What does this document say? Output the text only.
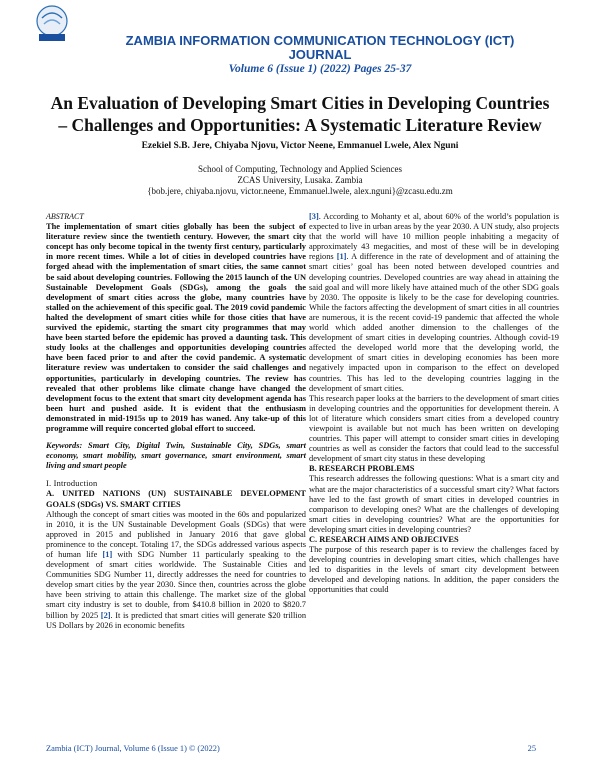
ZAMBIA INFORMATION COMMUNICATION TECHNOLOGY (ICT)
JOURNAL
Volume 6 (Issue 1) (2022) Pages 25-37
An Evaluation of Developing Smart Cities in Developing Countries
– Challenges and Opportunities: A Systematic Literature Review
Ezekiel S.B. Jere, Chiyaba Njovu, Victor Neene, Emmanuel Lwele, Alex Nguni
School of Computing, Technology and Applied Sciences
ZCAS University, Lusaka. Zambia
{bob.jere, chiyaba.njovu, victor.neene, Emmanuel.lwele, alex.nguni}@zcasu.edu.zm

ABSTRACT

The implementation of smart cities globally has been the subject of literature review since the twentieth century. However, the smart city concept has only become topical in the twenty first century, particularly in more recent times. While a lot of cities in developed countries have forged ahead with the implementation of smart cities, the same cannot be said about developing countries. Following the 2015 launch of the UN Sustainable Development Goals (SDGs), among the goals the development of smart cities across the globe, many countries have stalled on the achievement of this specific goal. The 2019 covid pandemic halted the development of smart cities while for those cities that have survived the epidemic, starting the smart city programmes that may have been started before the epidemic has proved a daunting task. This study looks at the challenges and opportunities developing countries have been faced prior to and after the covid pandemic. A systematic literature review was undertaken to consider the said challenges and opportunities, particularly in developing countries. The review has revealed that other problems like climate change have changed the development focus to the extent that smart city development agenda has been hurt and pushed aside. It is evident that the enthusiasm demonstrated in mid-1915s up to 2019 has waned. Any take-up of this programme will require concerted global effort to succeed.

Keywords: Smart City, Digital Twin, Sustainable City, SDGs, smart economy, smart mobility, smart governance, smart environment, smart living and smart people

I. Introduction

A. UNITED NATIONS (UN) SUSTAINABLE DEVELOPMENT GOALS (SDGs) VS. SMART CITIES

Although the concept of smart cities was mooted in the 60s and popularized in 2010, it is the UN Sustainable Development Goals (SDGs) that were approved in 2015 and published in January 2016 that gave global prominence to the concept. Totaling 17, the SDGs addressed various aspects of human life [1] with SDG Number 11 particularly speaking to the development of smart cities worldwide. The Sustainable Cities and Communities SDG Number 11, directly addresses the need for countries to develop smart cities by the year 2030. Since then, countries across the globe have been striving to attain this challenge. The market size of the global smart city industry is set to double, from $410.8 billion in 2020 to $820.7 billion by 2025 [2]. It is predicted that smart cities will generate $20 trillion US Dollars by 2026 in economic benefits

[3]. According to Mohanty et al, about 60% of the world’s population is expected to live in urban areas by the year 2030. A UN study, also projects that the world will have 10 million people inhabiting a megacity of approximately 43 megacities, and most of these will be in developing regions [1]. A difference in the rate of development and of attaining the smart cities’ goal has been noted between developed countries and developing countries. Developed countries are way ahead in attaining the said goal and will more likely have attained much of the other SDG goals by 2030. The opposite is likely to be the case for developing countries. While the factors affecting the development of smart cities in all countries are numerous, it is the recent covid-19 pandemic that affected the whole world which added another dimension to the challenges of the development of smart cities in developing countries. Although covid-19 affected the developed world more that the developing world, the development of smart cities in developing economies has been more negatively impacted upon in comparison to the effect on developed countries. This has led to the developing countries lagging in the development of smart cities.

This research paper looks at the barriers to the development of smart cities in developing countries and the opportunities for development therein. A lot of literature which considers smart cities from a developed country viewpoint is available but not much has been written on developing countries. This paper will attempt to consider smart cities in developing countries as well as consider the factors that could lead to the successful development of smart city status in these developing

B. RESEARCH PROBLEMS

This research addresses the following questions: What is a smart city and what are the major characteristics of a successful smart city? What factors have led to the fast growth of smart cities in developed countries in comparison to developing ones? What are the challenges of developing smart cities in developing countries? What are the opportunities for developing smart cities in developing countries?

C. RESEARCH AIMS AND OBJECIVES

The purpose of this research paper is to review the challenges faced by developing countries in developing smart cities, which challenges have led to disparities in the levels of smart city development between developed and developing nations. In addition, the paper considers the opportunities that could

Zambia (ICT) Journal, Volume 6 (Issue 1) © (2022)	25
